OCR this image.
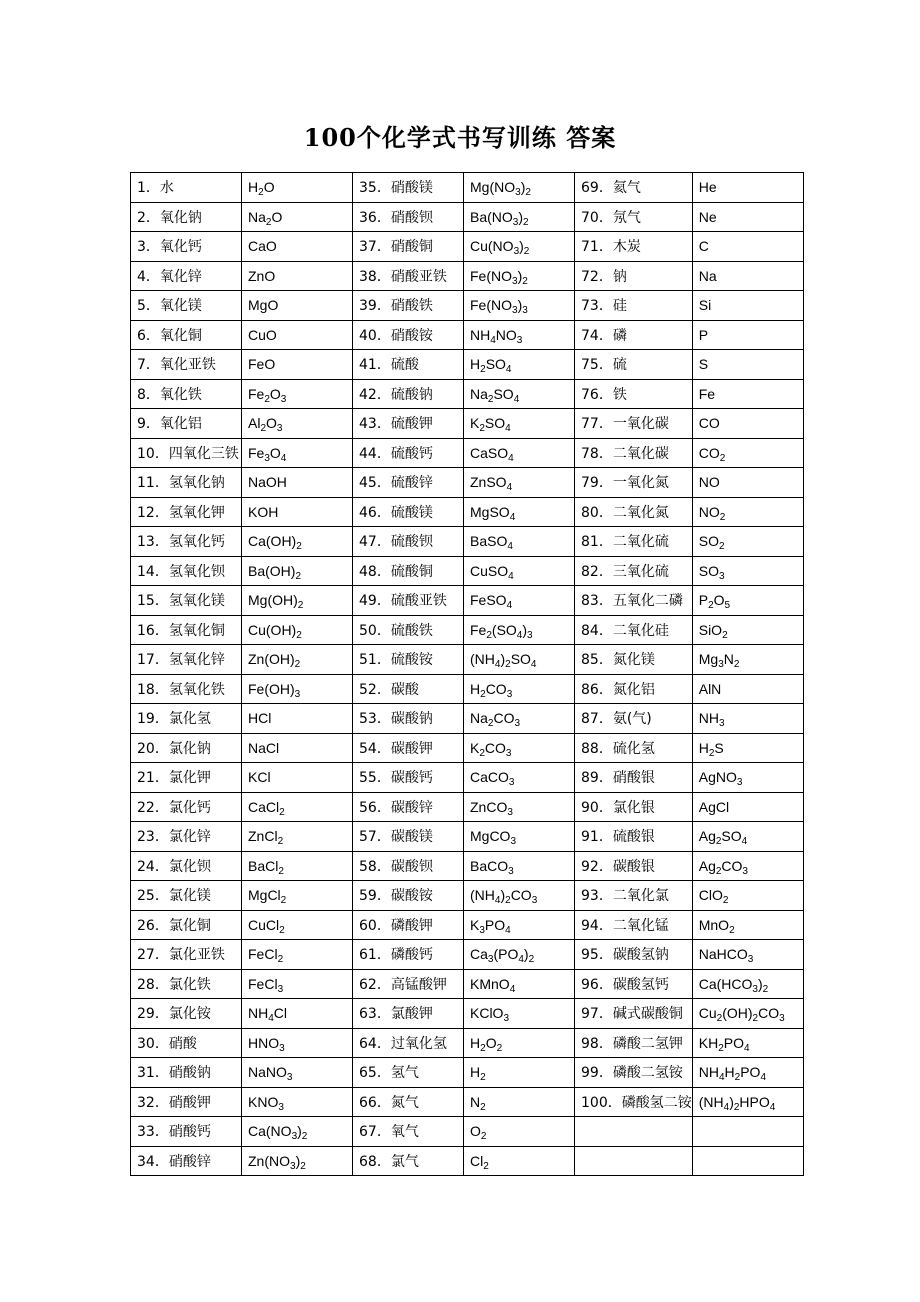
100个化学式书写训练 答案
1．水	$H_2O$	35．硝酸镁	$Mg(NO_3)_2$	69．氦气	He
2．氧化钠	$Na_2O$	36．硝酸钡	$Ba(NO_3)_2$	70．氖气	Ne
3．氧化钙	CaO	37．硝酸铜	$Cu(NO_3)_2$	71．木炭	C
4．氧化锌	ZnO	38．硝酸亚铁	$Fe(NO_3)_2$	72．钠	Na
5．氧化镁	MgO	39．硝酸铁	$Fe(NO_3)_3$	73．硅	Si
6．氧化铜	CuO	40．硝酸铵	$NH_4NO_3$	74．磷	P
7．氧化亚铁	FeO	41．硫酸	$H_2SO_4$	75．硫	S
8．氧化铁	$Fe_2O_3$	42．硫酸钠	$Na_2SO_4$	76．铁	Fe
9．氧化铝	$Al_2O_3$	43．硫酸钾	$K_2SO_4$	77．一氧化碳	CO
10．四氧化三铁	$Fe_3O_4$	44．硫酸钙	CaSO$_4$	78．二氧化碳	$CO_2$
11．氢氧化钠	NaOH	45．硫酸锌	ZnSO$_4$	79．一氧化氮	NO
12．氢氧化钾	KOH	46．硫酸镁	MgSO$_4$	80．二氧化氮	$NO_2$
13．氢氧化钙	$Ca(OH)_2$	47．硫酸钡	BaSO$_4$	81．二氧化硫	$SO_2$
14．氢氧化钡	$Ba(OH)_2$	48．硫酸铜	CuSO$_4$	82．三氧化硫	$SO_3$
15．氢氧化镁	$Mg(OH)_2$	49．硫酸亚铁	FeSO$_4$	83．五氧化二磷	$P_2O_5$
16．氢氧化铜	$Cu(OH)_2$	50．硫酸铁	$Fe_2(SO_4)_3$	84．二氧化硅	SiO$_2$
17．氢氧化锌	$Zn(OH)_2$	51．硫酸铵	$(NH_4)_2SO_4$	85．氮化镁	$Mg_3N_2$
18．氢氧化铁	$Fe(OH)_3$	52．碳酸	$H_2CO_3$	86．氮化铝	AlN
19．氯化氢	HCl	53．碳酸钠	$Na_2CO_3$	87．氨(气)	$NH_3$
20．氯化钠	NaCl	54．碳酸钾	$K_2CO_3$	88．硫化氢	$H_2S$
21．氯化钾	KCl	55．碳酸钙	CaCO$_3$	89．硝酸银	AgNO$_3$
22．氯化钙	CaCl$_2$	56．碳酸锌	ZnCO$_3$	90．氯化银	AgCl
23．氯化锌	ZnCl$_2$	57．碳酸镁	MgCO$_3$	91．硫酸银	$Ag_2SO_4$
24．氯化钡	BaCl$_2$	58．碳酸钡	BaCO$_3$	92．碳酸银	$Ag_2CO_3$
25．氯化镁	MgCl$_2$	59．碳酸铵	$(NH_4)_2CO_3$	93．二氧化氯	ClO$_2$
26．氯化铜	CuCl$_2$	60．磷酸钾	$K_3PO_4$	94．二氧化锰	MnO$_2$
27．氯化亚铁	FeCl$_2$	61．磷酸钙	$Ca_3(PO_4)_2$	95．碳酸氢钠	NaHCO$_3$
28．氯化铁	FeCl$_3$	62．高锰酸钾	KMnO$_4$	96．碳酸氢钙	$Ca(HCO_3)_2$
29．氯化铵	$NH_4Cl$	63．氯酸钾	KClO$_3$	97．碱式碳酸铜	$Cu_2(OH)_2CO_3$
30．硝酸	$HNO_3$	64．过氧化氢	$H_2O_2$	98．磷酸二氢钾	$KH_2PO_4$
31．硝酸钠	NaNO$_3$	65．氢气	$H_2$	99．磷酸二氢铵	$NH_4H_2PO_4$
32．硝酸钾	$KNO_3$	66．氮气	$N_2$	100．磷酸氢二铵	$(NH_4)_2HPO_4$
33．硝酸钙	$Ca(NO_3)_2$	67．氧气	$O_2$		
34．硝酸锌	$Zn(NO_3)_2$	68．氯气	$Cl_2$		
